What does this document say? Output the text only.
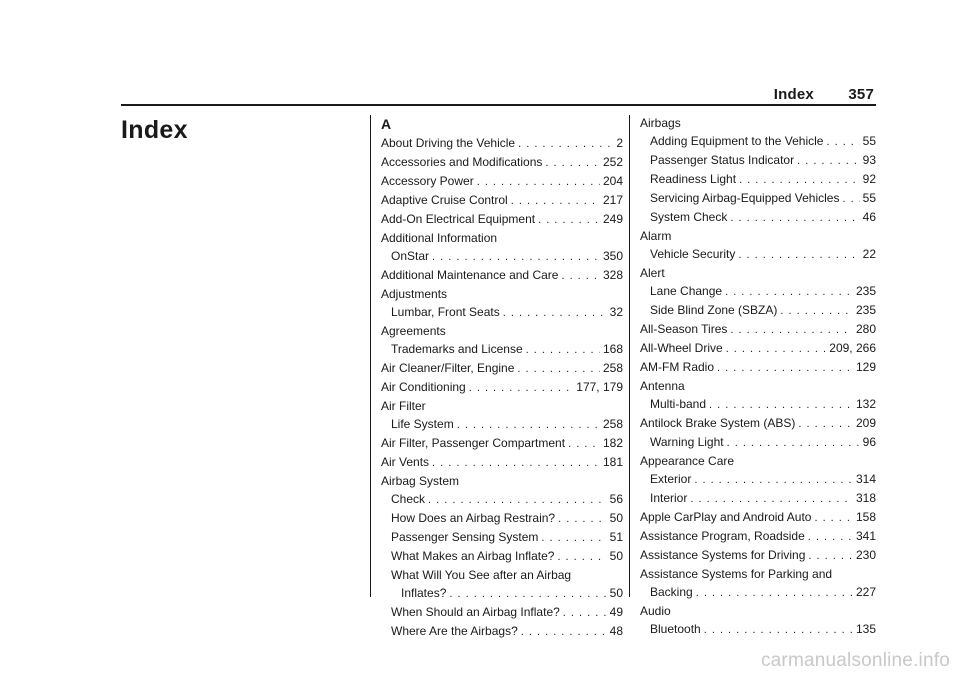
Index 357
Index	A
About Driving the Vehicle . . .	2
Accessories and Modifications . . .	252
Accessory Power . . .	204
Adaptive Cruise Control . . .	217
Add-On Electrical Equipment . . .	249
Additional Information
OnStar . . .	350
Additional Maintenance and Care . . .	328
Adjustments
Lumbar, Front Seats . . .	32
Agreements
Trademarks and License . . .	168
Air Cleaner/Filter, Engine . . .	258
Air Conditioning . . .	177, 179
Air Filter
Life System . . .	258
Air Filter, Passenger Compartment . . .	182
Air Vents . . .	181
Airbag System
Check . . .	56
How Does an Airbag Restrain? . . .	50
Passenger Sensing System . . .	51
What Makes an Airbag Inflate? . . .	50
What Will You See after an Airbag
Inflates? . . .	50
When Should an Airbag Inflate? . . .	49
Where Are the Airbags? . . .	48
Airbags
Adding Equipment to the Vehicle . . .	55
Passenger Status Indicator . . .	93
Readiness Light . . .	92
Servicing Airbag-Equipped Vehicles . . . 55
System Check . . .	46
Alarm
Vehicle Security . . .	22
Alert
Lane Change . . .	235
Side Blind Zone (SBZA) . . .	235
All-Season Tires . . .	280
All-Wheel Drive . . .	209, 266
AM-FM Radio . . .	129
Antenna
Multi-band . . .	132
Antilock Brake System (ABS) . . .	209
Warning Light . . .	96
Appearance Care
Exterior . . .	314
Interior . . .	318
Apple CarPlay and Android Auto . . .	158
Assistance Program, Roadside . . .	341
Assistance Systems for Driving . . .	230
Assistance Systems for Parking and
Backing . . .	227
Audio
Bluetooth . . .	135
carmanualsonline.info
